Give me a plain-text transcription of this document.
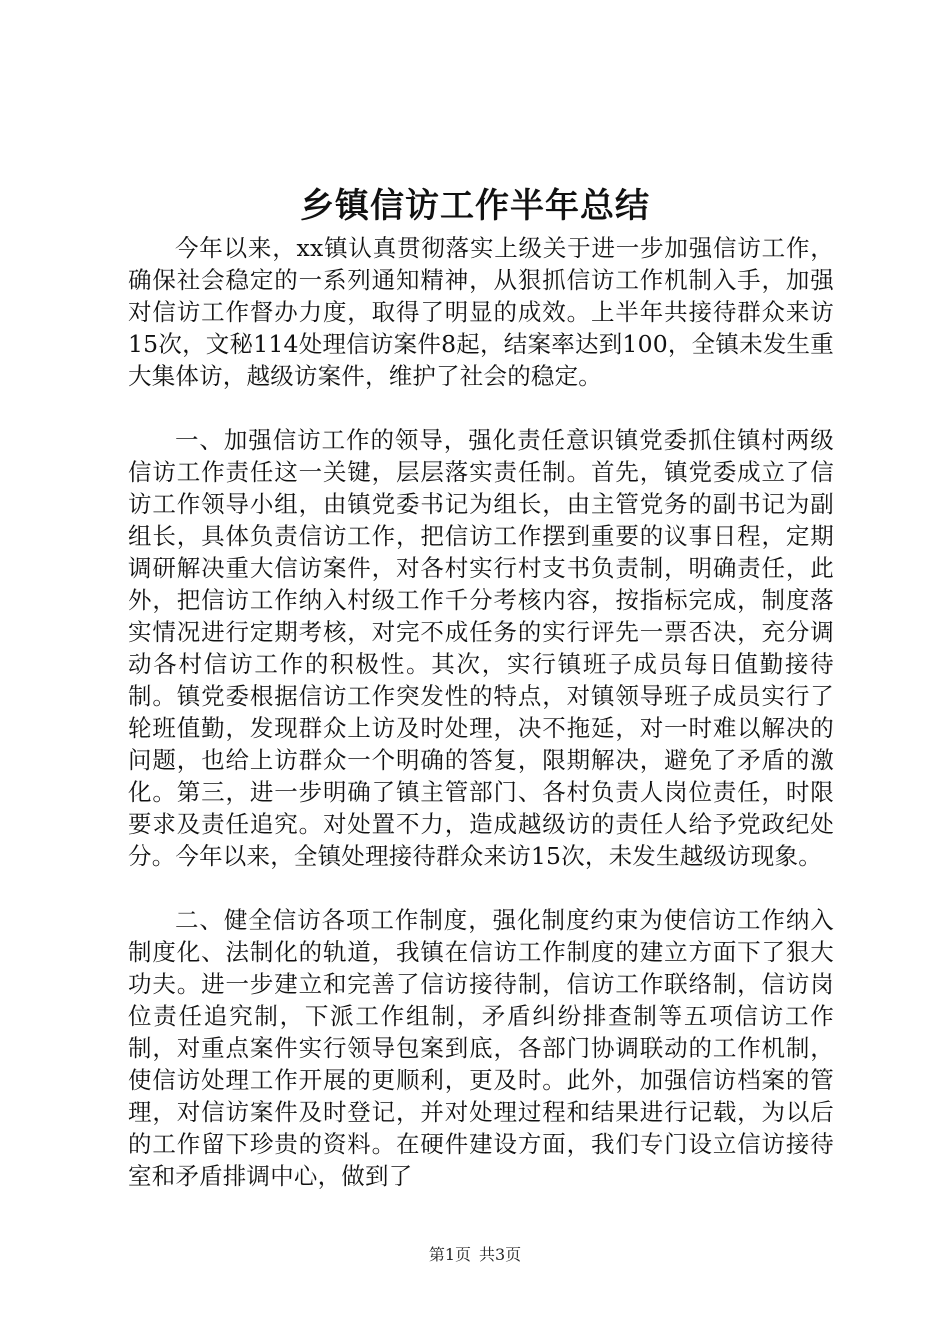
乡镇信访工作半年总结

今年以来，xx镇认真贯彻落实上级关于进一步加强信访工作，确保社会稳定的一系列通知精神，从狠抓信访工作机制入手，加强对信访工作督办力度，取得了明显的成效。上半年共接待群众来访15次，文秘114处理信访案件8起，结案率达到100，全镇未发生重大集体访，越级访案件，维护了社会的稳定。

一、加强信访工作的领导，强化责任意识镇党委抓住镇村两级信访工作责任这一关键，层层落实责任制。首先，镇党委成立了信访工作领导小组，由镇党委书记为组长，由主管党务的副书记为副组长，具体负责信访工作，把信访工作摆到重要的议事日程，定期调研解决重大信访案件，对各村实行村支书负责制，明确责任，此外，把信访工作纳入村级工作千分考核内容，按指标完成，制度落实情况进行定期考核，对完不成任务的实行评先一票否决，充分调动各村信访工作的积极性。其次，实行镇班子成员每日值勤接待制。镇党委根据信访工作突发性的特点，对镇领导班子成员实行了轮班值勤，发现群众上访及时处理，决不拖延，对一时难以解决的问题，也给上访群众一个明确的答复，限期解决，避免了矛盾的激化。第三，进一步明确了镇主管部门、各村负责人岗位责任，时限要求及责任追究。对处置不力，造成越级访的责任人给予党政纪处分。今年以来，全镇处理接待群众来访15次，未发生越级访现象。

二、健全信访各项工作制度，强化制度约束为使信访工作纳入制度化、法制化的轨道，我镇在信访工作制度的建立方面下了狠大功夫。进一步建立和完善了信访接待制，信访工作联络制，信访岗位责任追究制，下派工作组制，矛盾纠纷排查制等五项信访工作制，对重点案件实行领导包案到底，各部门协调联动的工作机制，使信访处理工作开展的更顺利，更及时。此外，加强信访档案的管理，对信访案件及时登记，并对处理过程和结果进行记载，为以后的工作留下珍贵的资料。在硬件建设方面，我们专门设立信访接待室和矛盾排调中心，做到了

第1页 共3页
